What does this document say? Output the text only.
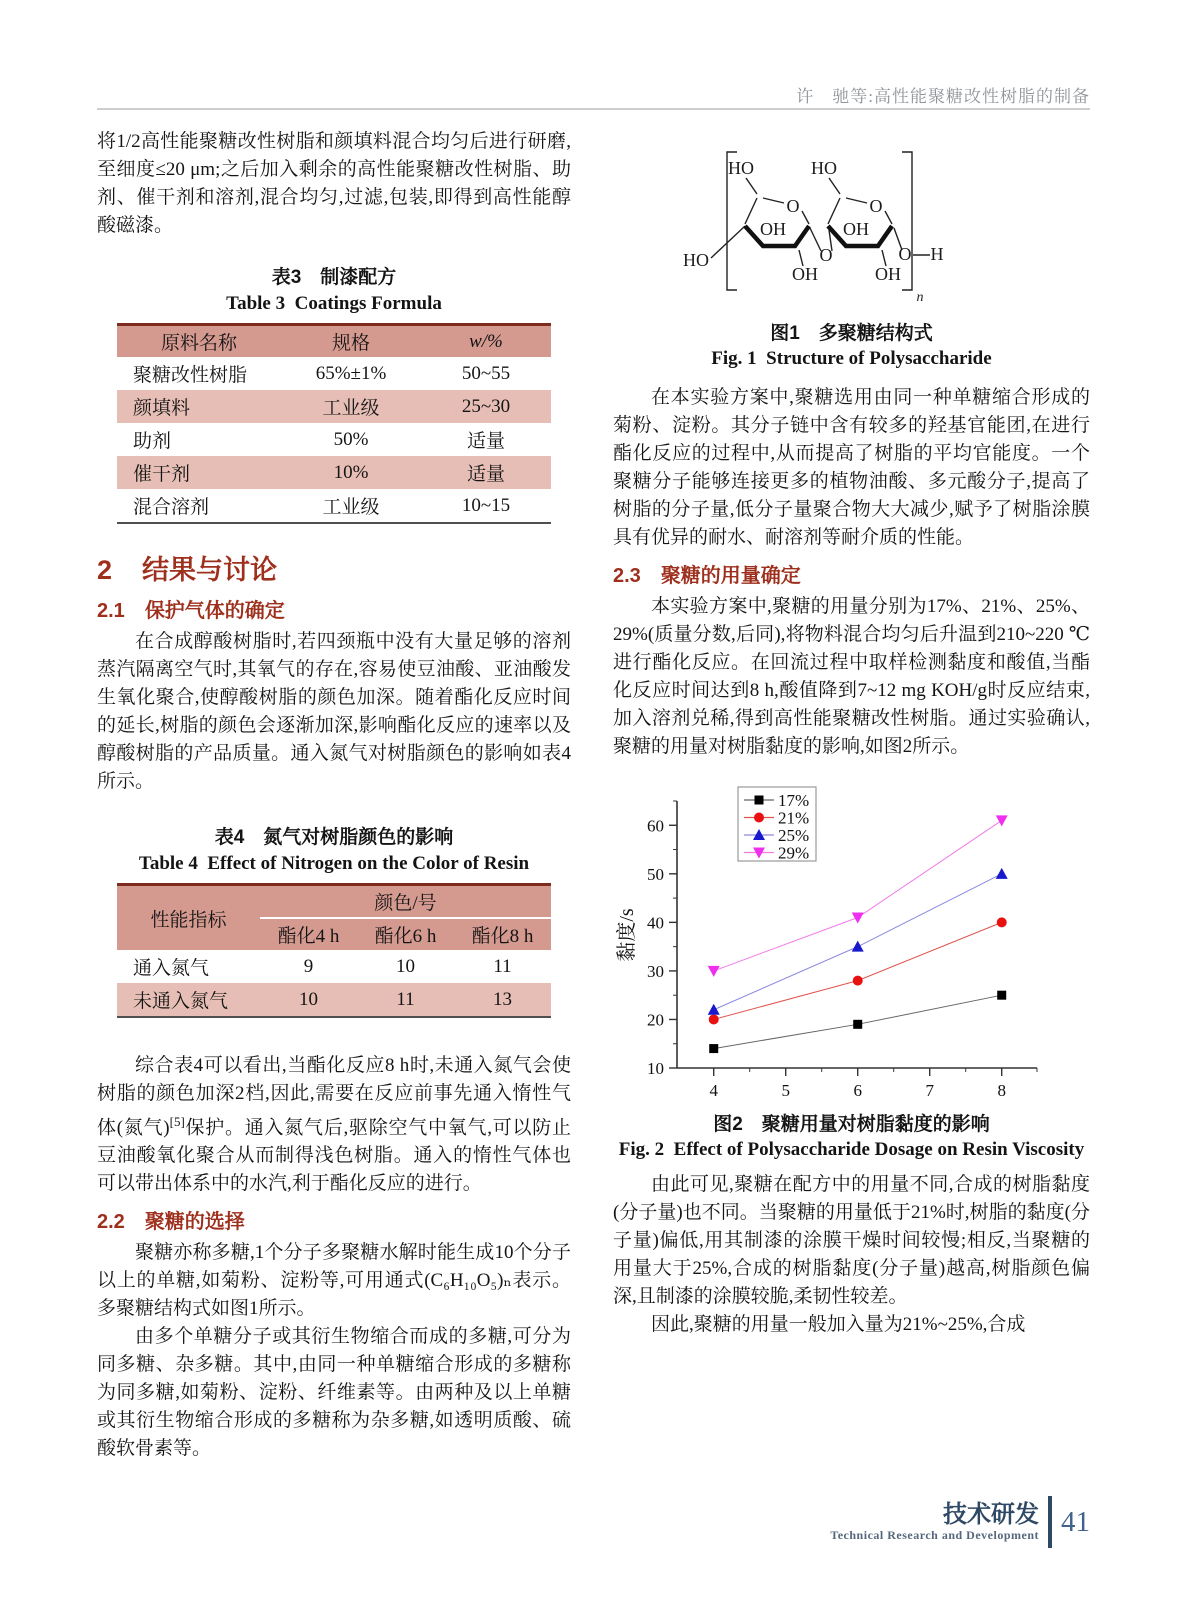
许　驰等:高性能聚糖改性树脂的制备

将1/2高性能聚糖改性树脂和颜填料混合均匀后进行研磨,至细度≤20 μm;之后加入剩余的高性能聚糖改性树脂、助剂、催干剂和溶剂,混合均匀,过滤,包装,即得到高性能醇酸磁漆。

表3　制漆配方

Table 3 Coatings Formula

原料名称	规格	w/%
聚糖改性树脂	65%±1%	50~55
颜填料	工业级	25~30
助剂	50%	适量
催干剂	10%	适量
混合溶剂	工业级	10~15
2 结果与讨论
2.1 保护气体的确定

在合成醇酸树脂时,若四颈瓶中没有大量足够的溶剂蒸汽隔离空气时,其氧气的存在,容易使豆油酸、亚油酸发生氧化聚合,使醇酸树脂的颜色加深。随着酯化反应时间的延长,树脂的颜色会逐渐加深,影响酯化反应的速率以及醇酸树脂的产品质量。通入氮气对树脂颜色的影响如表4所示。

表4　氮气对树脂颜色的影响

Table 4 Effect of Nitrogen on the Color of Resin

性能指标	颜色/号		
	酯化4 h	酯化6 h	酯化8 h
通入氮气	9	10	11
未通入氮气	10	11	13

综合表4可以看出,当酯化反应8 h时,未通入氮气会使树脂的颜色加深2档,因此,需要在反应前事先通入惰性气体(氮气)[5]保护。通入氮气后,驱除空气中氧气,可以防止豆油酸氧化聚合从而制得浅色树脂。通入的惰性气体也可以带出体系中的水汽,利于酯化反应的进行。

2.2 聚糖的选择

聚糖亦称多糖,1个分子多聚糖水解时能生成10个分子以上的单糖,如菊粉、淀粉等,可用通式(C₆H₁₀O₅)ₙ表示。多聚糖结构式如图1所示。

由多个单糖分子或其衍生物缩合而成的多糖,可分为同多糖、杂多糖。其中,由同一种单糖缩合形成的多糖称为同多糖,如菊粉、淀粉、纤维素等。由两种及以上单糖或其衍生物缩合形成的多糖称为杂多糖,如透明质酸、硫酸软骨素等。

HO	HO
O	O
OH	OH
O
OH	OH
HO	O H
n

图1　多聚糖结构式

Fig. 1 Structure of Polysaccharide

在本实验方案中,聚糖选用由同一种单糖缩合形成的菊粉、淀粉。其分子链中含有较多的羟基官能团,在进行酯化反应的过程中,从而提高了树脂的平均官能度。一个聚糖分子能够连接更多的植物油酸、多元酸分子,提高了树脂的分子量,低分子量聚合物大大减少,赋予了树脂涂膜具有优异的耐水、耐溶剂等耐介质的性能。

2.3 聚糖的用量确定

本实验方案中,聚糖的用量分别为17%、21%、25%、29%(质量分数,后同),将物料混合均匀后升温到210~220 ℃进行酯化反应。在回流过程中取样检测黏度和酸值,当酯化反应时间达到8 h,酸值降到7~12 mg KOH/g时反应结束,加入溶剂兑稀,得到高性能聚糖改性树脂。通过实验确认,聚糖的用量对树脂黏度的影响,如图2所示。

10
20
30
40
50
60
4	5	6	7	8
黏度/s
17%
21%
25%
29%

图2　聚糖用量对树脂黏度的影响

Fig. 2 Effect of Polysaccharide Dosage on Resin Viscosity

由此可见,聚糖在配方中的用量不同,合成的树脂黏度(分子量)也不同。当聚糖的用量低于21%时,树脂的黏度(分子量)偏低,用其制漆的涂膜干燥时间较慢;相反,当聚糖的用量大于25%,合成的树脂黏度(分子量)越高,树脂颜色偏深,且制漆的涂膜较脆,柔韧性较差。

因此,聚糖的用量一般加入量为21%~25%,合成

技术研发
Technical Research and Development 41
